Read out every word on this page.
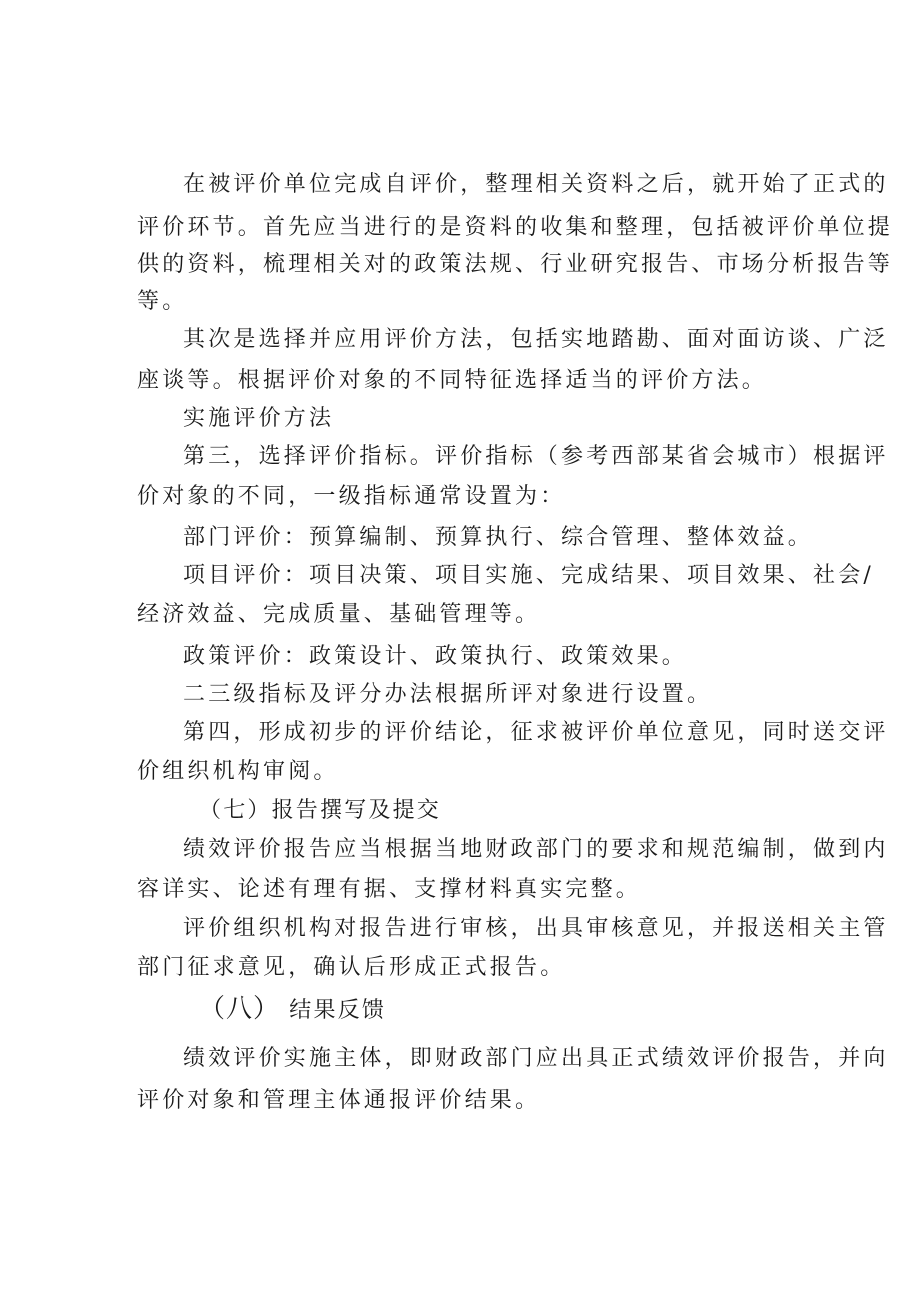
在被评价单位完成自评价，整理相关资料之后，就开始了正式的
评价环节。首先应当进行的是资料的收集和整理，包括被评价单位提
供的资料，梳理相关对的政策法规、行业研究报告、市场分析报告等
等。
其次是选择并应用评价方法，包括实地踏勘、面对面访谈、广泛
座谈等。根据评价对象的不同特征选择适当的评价方法。
实施评价方法
第三，选择评价指标。评价指标（参考西部某省会城市）根据评
价对象的不同，一级指标通常设置为：
部门评价：预算编制、预算执行、综合管理、整体效益。
项目评价：项目决策、项目实施、完成结果、项目效果、社会/
经济效益、完成质量、基础管理等。
政策评价：政策设计、政策执行、政策效果。
二三级指标及评分办法根据所评对象进行设置。
第四，形成初步的评价结论，征求被评价单位意见，同时送交评
价组织机构审阅。
（七）报告撰写及提交
绩效评价报告应当根据当地财政部门的要求和规范编制，做到内
容详实、论述有理有据、支撑材料真实完整。
评价组织机构对报告进行审核，出具审核意见，并报送相关主管
部门征求意见，确认后形成正式报告。
（八） 结果反馈
绩效评价实施主体，即财政部门应出具正式绩效评价报告，并向
评价对象和管理主体通报评价结果。
